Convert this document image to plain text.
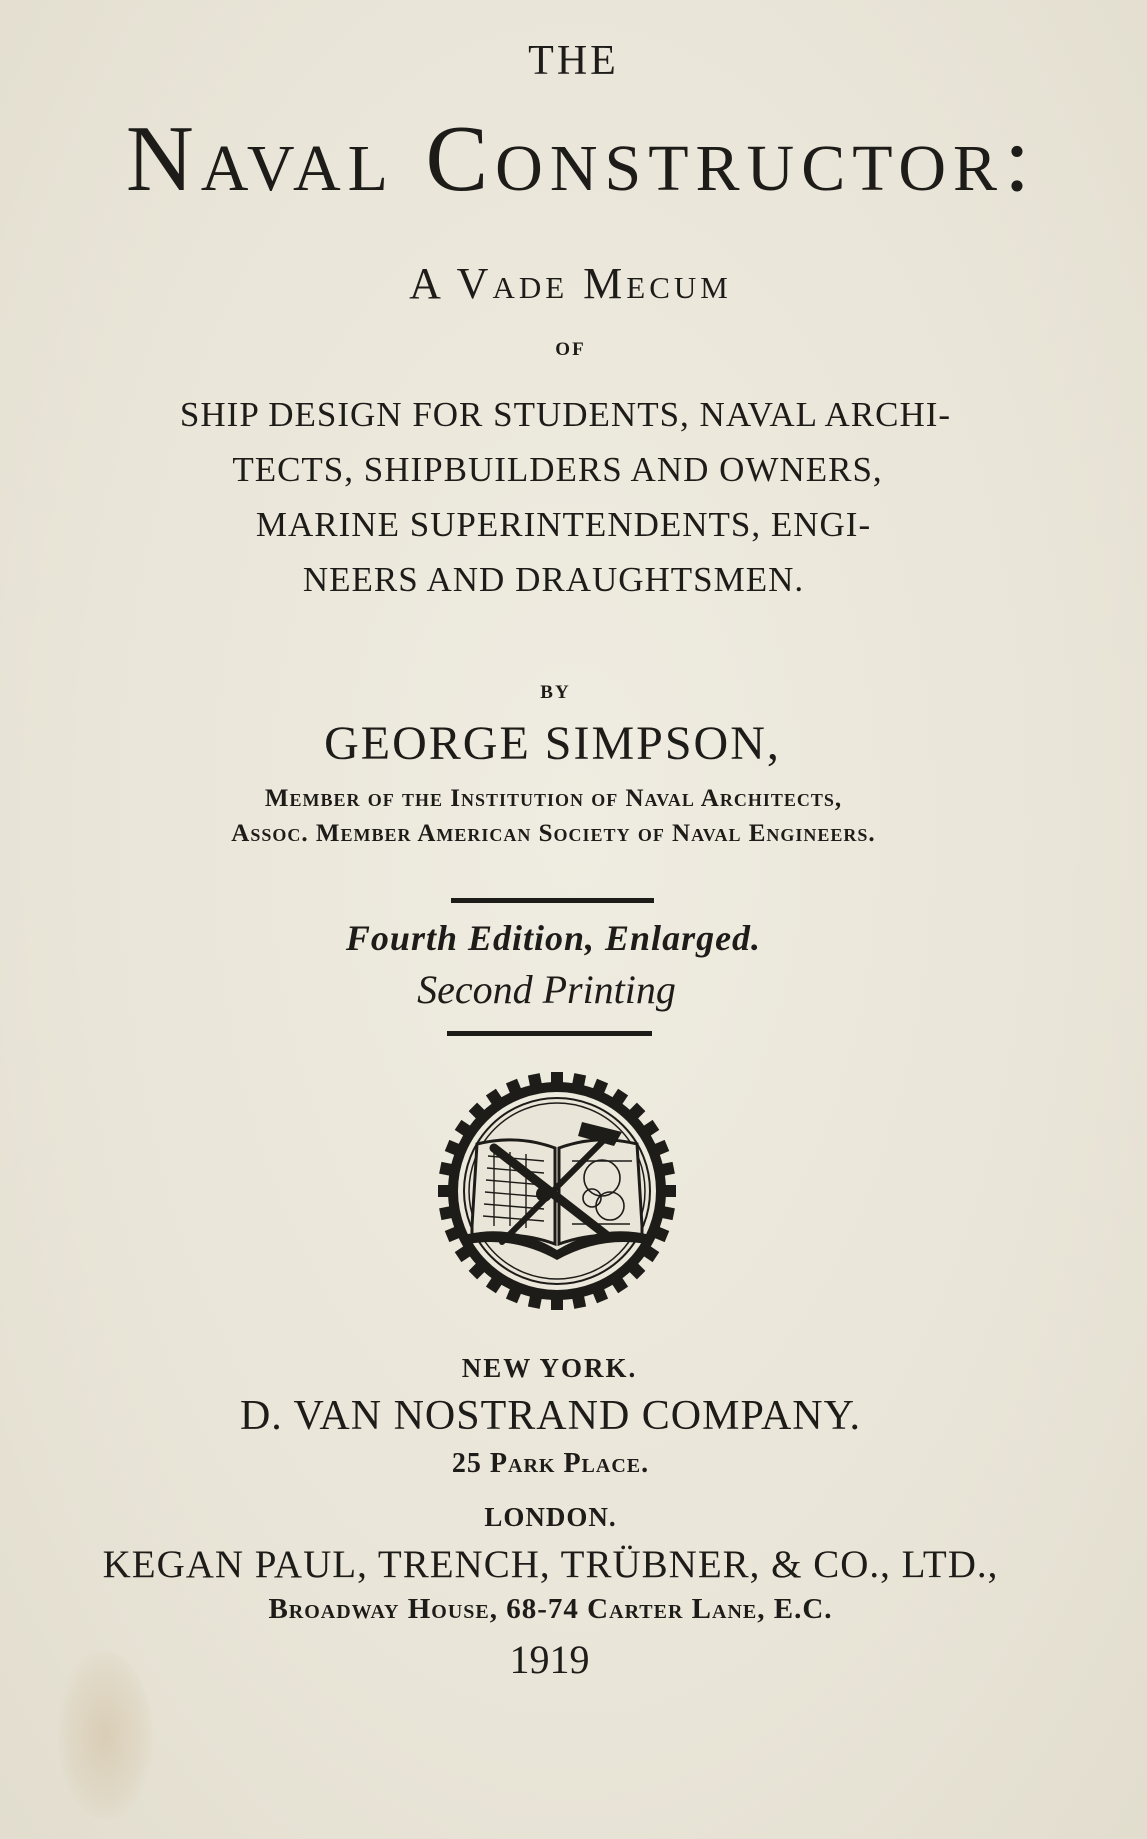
THE
Naval Constructor:
A Vade Mecum
OF
SHIP DESIGN FOR STUDENTS, NAVAL ARCHI-
TECTS, SHIPBUILDERS AND OWNERS,
MARINE SUPERINTENDENTS, ENGI-
NEERS AND DRAUGHTSMEN.
BY
GEORGE SIMPSON,
Member of the Institution of Naval Architects,
Assoc. Member American Society of Naval Engineers.
Fourth Edition, Enlarged.
Second Printing
NEW YORK.
D. VAN NOSTRAND COMPANY.
25 Park Place.
LONDON.
KEGAN PAUL, TRENCH, TRÜBNER, & CO., LTD.,
Broadway House, 68-74 Carter Lane, E.C.
1919
